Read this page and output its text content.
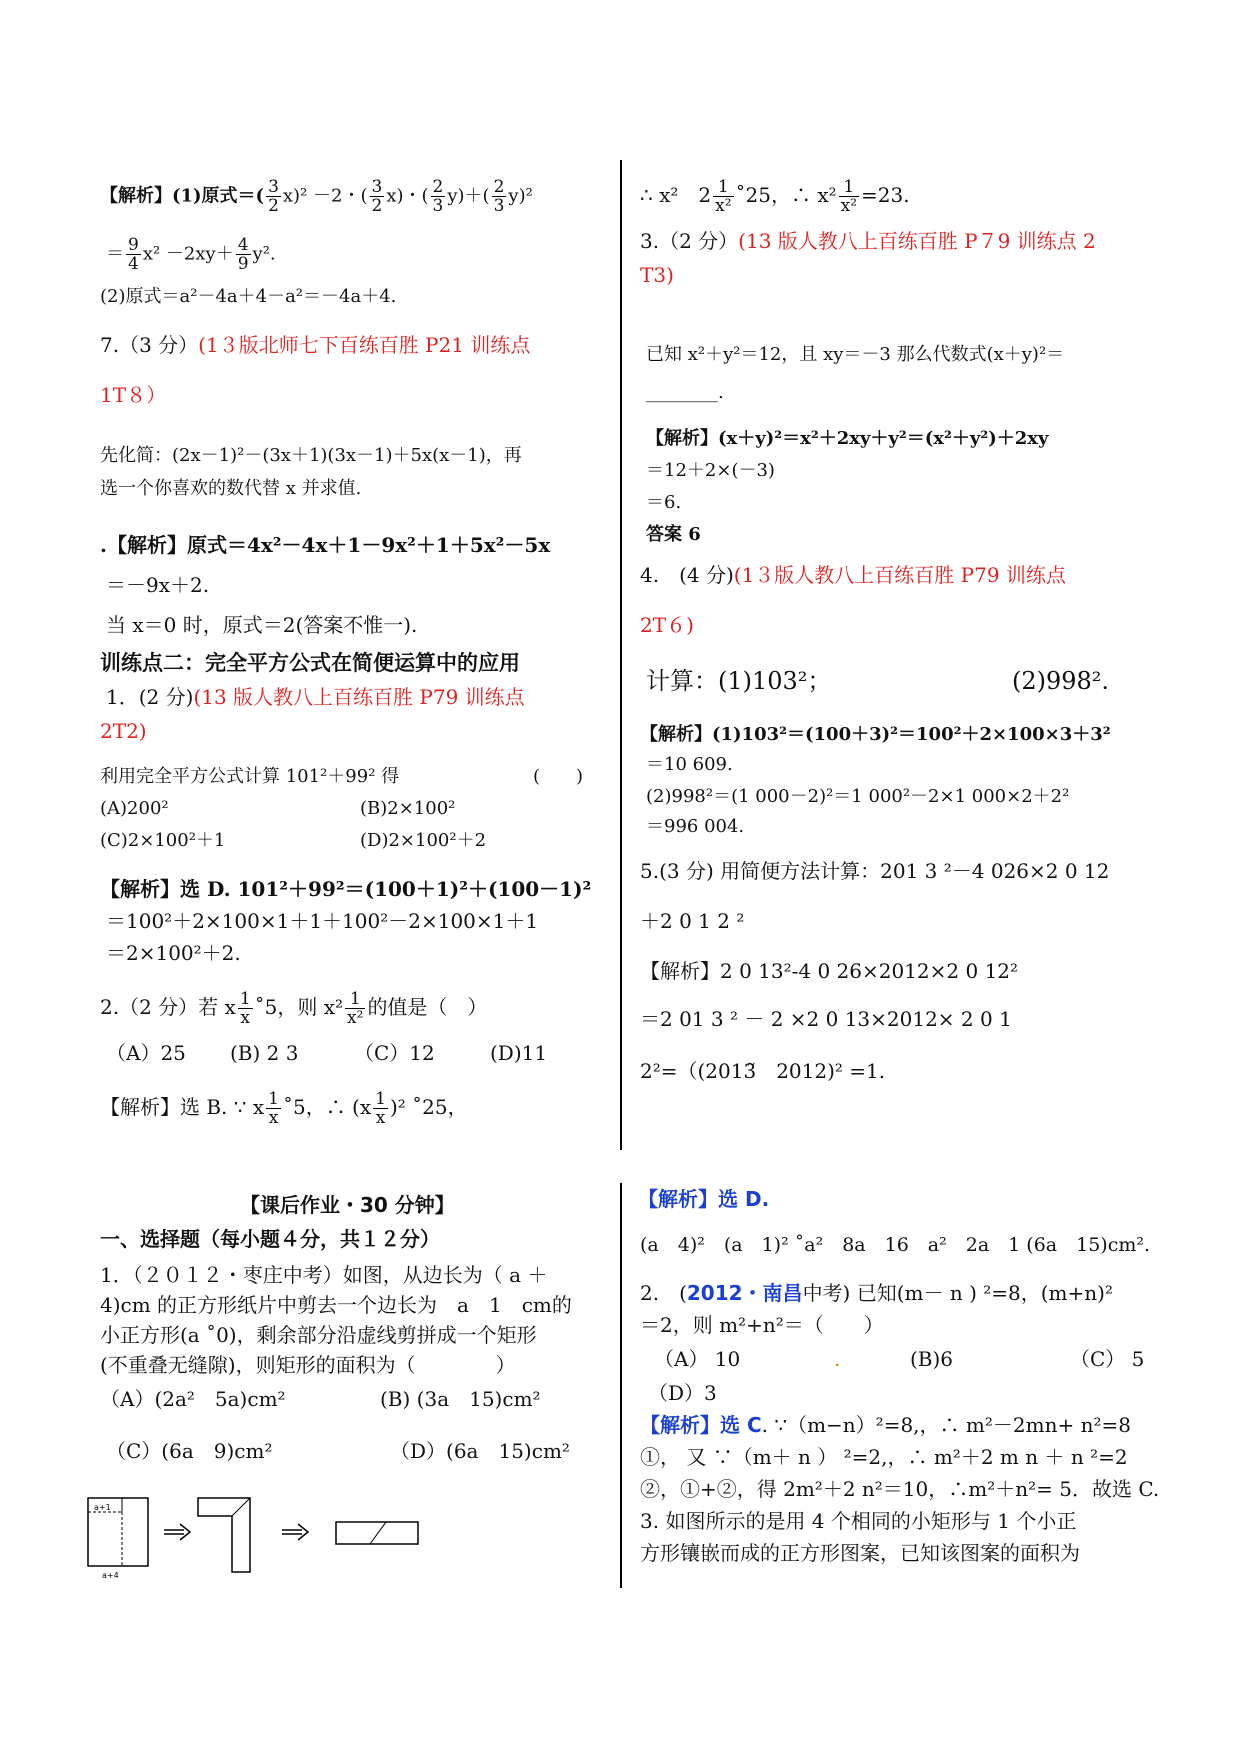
【解析】(1)原式＝( $\frac{3}{2} x)^2 -2$・( $\frac{3}{2} x$)・( $\frac{2}{3} y)+( \frac{2}{3} y)^2$
＝ $\frac{9}{4} x^2 -2xy+ \frac{4}{9} y^2$.
(2)原式＝a²－4a＋4－a²＝－4a＋4.
7.（3 分）(1３版北师七下百练百胜 P21 训练点
1T８）
先化简：(2x－1)²－(3x＋1)(3x－1)＋5x(x－1)，再
选一个你喜欢的数代替 x 并求值.
.【解析】原式＝4x²－4x＋1－9x²＋1＋5x²－5x
＝－9x＋2.
当 x＝0 时，原式＝2(答案不惟一).
训练点二：完全平方公式在简便运算中的应用
1．(2 分)(13 版人教八上百练百胜 P79 训练点
2T2)
利用完全平方公式计算 101²＋99² 得	(　　)
(A)200²	(B)2×100²
(C)2×100²＋1	(D)2×100²＋2
【解析】选 D. 101²＋99²＝(100＋1)²＋(100－1)²
＝100²＋2×100×1＋1＋100²－2×100×1＋1
＝2×100²＋2.
2.（2 分）若 x $\frac{1}{x}$ ˚5，则 $x^2 \frac{1}{\text{x²}}$ 的值是（　）
（A）25 (B) 2 3	（C）12	(D)11
【解析】选 B. ∵ x $\frac{1}{x}$ ˚5，∴ $(x \frac{1}{x} )^2$ ˚25，
∴ x²　$2 \frac{1}{\text{x²}}$ ˚25，∴ $x^2 \frac{1}{\text{x²}} =23$.
3.（2 分）(13 版人教八上百练百胜 P７9 训练点 2
T3)
已知 x²＋y²＝12，且 xy＝－3 那么代数式(x＋y)²＝
________.
【解析】(x＋y)²＝x²＋2xy＋y²＝(x²＋y²)＋2xy
＝12＋2×(－3)
＝6.
答案 6
4.　(4 分)(1３版人教八上百练百胜 P79 训练点
2T６)
计算：(1)103²；	(2)998².
【解析】(1)103²＝(100＋3)²＝100²＋2×100×3＋3²
＝10 609.
(2)998²＝(1 000－2)²＝1 000²－2×1 000×2＋2²
＝996 004.
5.(3 分) 用简便方法计算：201 3 ²－4 026×2 0 12
＋2 0 1 2 ²
【解析】2 0 13²-4 0 26×2012×2 0 12²
＝2 01 3 ² － 2 ×2 0 13×2012× 2 0 1
2²=（(2013̃　2012)² =1.
【课后作业・30 分钟】
一、选择题（每小题４分，共１２分）
1．（２０１２・枣庄中考）如图，从边长为（ a ＋
4)cm 的正方形纸片中剪去一个边长为　a　1　cm的
小正方形(a ˚0)，剩余部分沿虚线剪拼成一个矩形
(不重叠无缝隙)，则矩形的面积为（　　　　）
（A）(2a²　5a)cm²	(B) (3a　15)cm²
（C）(6a　9)cm²	（D）(6a　15)cm²
a+1
a+4
【解析】选 D.
(a　4)²　(a　1)² ˚a²　8a　16　a²　2a　1 (6a　15)cm².
2.　(2012・南昌中考) 已知(m－ n ) ²=8，(m+n)²
＝2，则 m²+n²＝（　　）
（A） 10	.	(B)6	（C） 5
（D）3
【解析】选 C. ∵（m−n）²=8,，∴ m²－2mn+ n²=8
①， 又 ∵（m＋ n ） ²=2,，∴ m²＋2 m n ＋ n ²=2
②，①+②，得 2m²＋2 n²＝10，∴m²＋n²= 5．故选 C.
3. 如图所示的是用 4 个相同的小矩形与 1 个小正
方形镶嵌而成的正方形图案，已知该图案的面积为
